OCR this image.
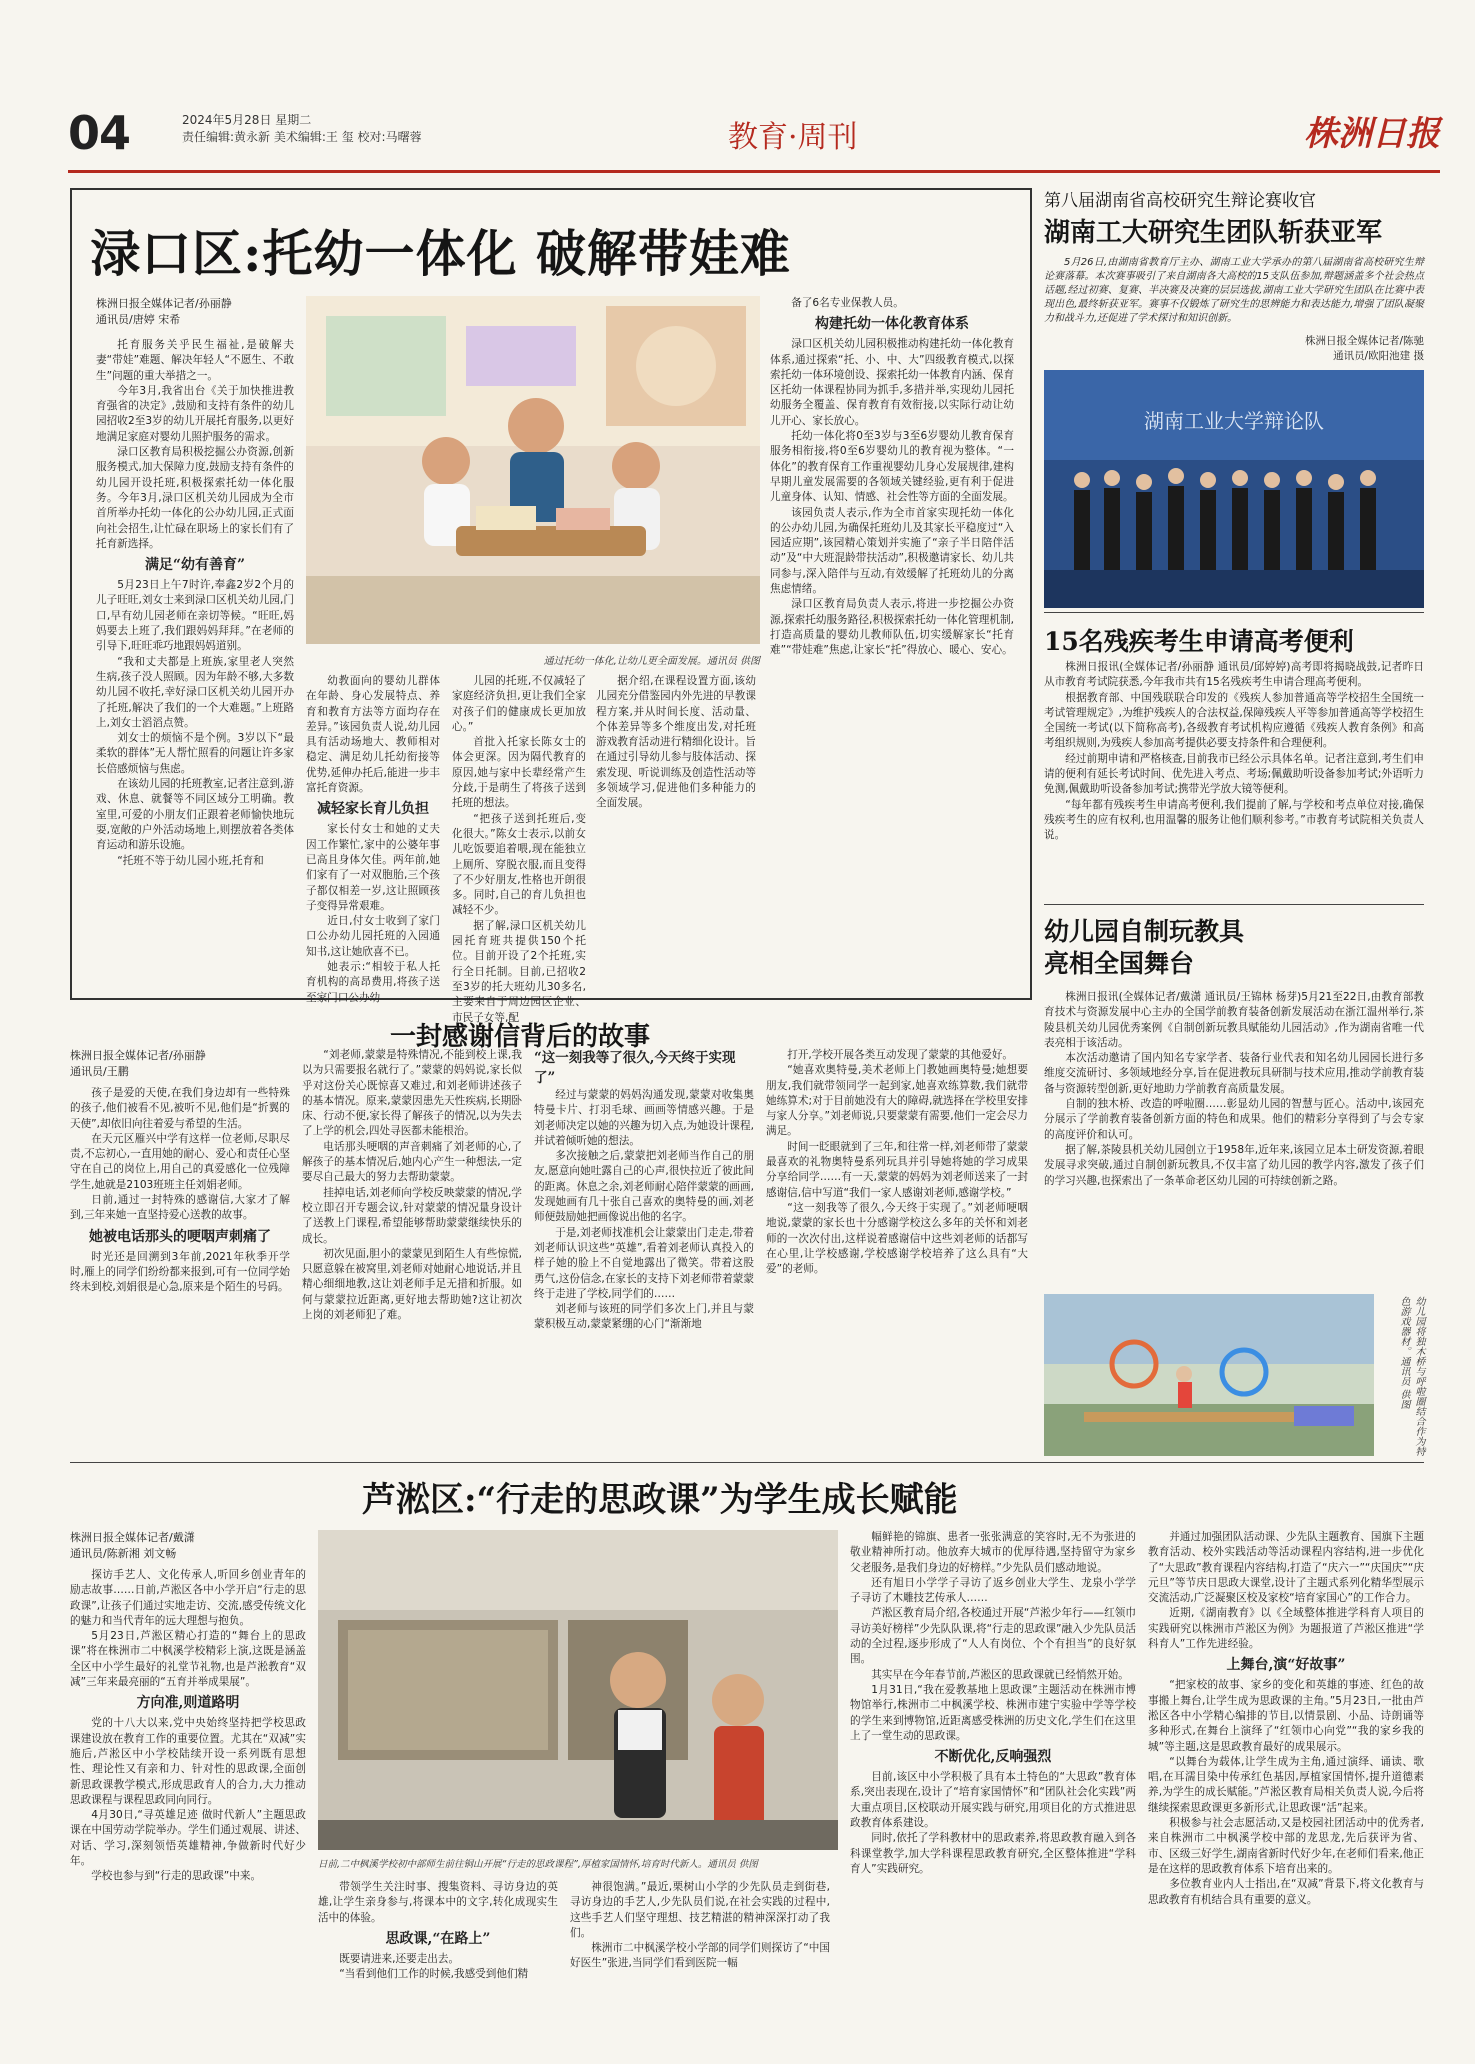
04	2024年5月28日 星期二
责任编辑:黄永新 美术编辑:王 玺 校对:马曙蓉	教育·周刊	株洲日报
渌口区:托幼一体化 破解带娃难
株洲日报全媒体记者/孙丽静
通讯员/唐婷 宋希

托育服务关乎民生福祉,是破解夫妻“带娃”难题、解决年轻人“不愿生、不敢生”问题的重大举措之一。

今年3月,我省出台《关于加快推进教育强省的决定》,鼓励和支持有条件的幼儿园招收2至3岁的幼儿开展托育服务,以更好地满足家庭对婴幼儿照护服务的需求。

渌口区教育局积极挖掘公办资源,创新服务模式,加大保障力度,鼓励支持有条件的幼儿园开设托班,积极探索托幼一体化服务。今年3月,渌口区机关幼儿园成为全市首所举办托幼一体化的公办幼儿园,正式面向社会招生,让忙碌在职场上的家长们有了托育新选择。

满足“幼有善育”

5月23日上午7时许,奉鑫2岁2个月的儿子旺旺,刘女士来到渌口区机关幼儿园,门口,早有幼儿园老师在亲切等候。“旺旺,妈妈要去上班了,我们跟妈妈拜拜。”在老师的引导下,旺旺乖巧地跟妈妈道别。

“我和丈夫都是上班族,家里老人突然生病,孩子没人照顾。因为年龄不够,大多数幼儿园不收托,幸好渌口区机关幼儿园开办了托班,解决了我们的一个大难题。”上班路上,刘女士滔滔点赞。

刘女士的烦恼不是个例。3岁以下“最柔软的群体”无人帮忙照看的问题让许多家长倍感烦恼与焦虑。

在该幼儿园的托班教室,记者注意到,游戏、休息、就餐等不同区域分工明确。教室里,可爱的小朋友们正跟着老师愉快地玩耍,宽敞的户外活动场地上,则摆放着各类体育运动和游乐设施。

“托班不等于幼儿园小班,托育和

通过托幼一体化,让幼儿更全面发展。通讯员 供图

幼教面向的婴幼儿群体在年龄、身心发展特点、养育和教育方法等方面均存在差异。”该园负责人说,幼儿园具有活动场地大、教师相对稳定、满足幼儿托幼衔接等优势,延伸办托后,能进一步丰富托育资源。

减轻家长育儿负担

家长付女士和她的丈夫因工作繁忙,家中的公婆年事已高且身体欠佳。两年前,她们家有了一对双胞胎,三个孩子都仅相差一岁,这让照顾孩子变得异常艰难。

近日,付女士收到了家门口公办幼儿园托班的入园通知书,这让她欣喜不已。

她表示:“相较于私人托育机构的高昂费用,将孩子送至家门口公办幼

儿园的托班,不仅减轻了家庭经济负担,更让我们全家对孩子们的健康成长更加放心。”

首批入托家长陈女士的体会更深。因为隔代教育的原因,她与家中长辈经常产生分歧,于是萌生了将孩子送到托班的想法。

“把孩子送到托班后,变化很大。”陈女士表示,以前女儿吃饭要追着喂,现在能独立上厕所、穿脱衣服,而且变得了不少好朋友,性格也开朗很多。同时,自己的育儿负担也减轻不少。

据了解,渌口区机关幼儿园托育班共提供150个托位。目前开设了2个托班,实行全日托制。目前,已招收2至3岁的托大班幼儿30多名,主要来自于周边园区企业、市民子女等,配

据介绍,在课程设置方面,该幼儿园充分借鉴园内外先进的早教课程方案,并从时间长度、活动量、个体差异等多个维度出发,对托班游戏教育活动进行精细化设计。旨在通过引导幼儿参与肢体活动、探索发现、听说训练及创造性活动等多领域学习,促进他们多种能力的全面发展。

备了6名专业保教人员。

构建托幼一体化教育体系

渌口区机关幼儿园积极推动构建托幼一体化教育体系,通过探索“托、小、中、大”四级教育模式,以探索托幼一体环境创设、探索托幼一体教育内涵、保育区托幼一体课程协同为抓手,多措并举,实现幼儿园托幼服务全覆盖、保育教育有效衔接,以实际行动让幼儿开心、家长放心。

托幼一体化将0至3岁与3至6岁婴幼儿教育保育服务相衔接,将0至6岁婴幼儿的教育视为整体。“一体化”的教育保育工作重视婴幼儿身心发展规律,建构早期儿童发展需要的各领域关键经验,更有利于促进儿童身体、认知、情感、社会性等方面的全面发展。

该园负责人表示,作为全市首家实现托幼一体化的公办幼儿园,为确保托班幼儿及其家长平稳度过“入园适应期”,该园精心策划并实施了“亲子半日陪伴活动”及“中大班混龄带扶活动”,积极邀请家长、幼儿共同参与,深入陪伴与互动,有效缓解了托班幼儿的分离焦虑情绪。

渌口区教育局负责人表示,将进一步挖掘公办资源,探索托幼服务路径,积极探索托幼一体化管理机制,打造高质量的婴幼儿教师队伍,切实缓解家长“托育难”“带娃难”焦虑,让家长“托”得放心、暖心、安心。

第八届湖南省高校研究生辩论赛收官
湖南工大研究生团队斩获亚军

5月26日,由湖南省教育厅主办、湖南工业大学承办的第八届湖南省高校研究生辩论赛落幕。本次赛事吸引了来自湖南各大高校的15支队伍参加,辩题涵盖多个社会热点话题,经过初赛、复赛、半决赛及决赛的层层选拔,湖南工业大学研究生团队在比赛中表现出色,最终斩获亚军。赛事不仅锻炼了研究生的思辨能力和表达能力,增强了团队凝聚力和战斗力,还促进了学术探讨和知识创新。

株洲日报全媒体记者/陈驰
通讯员/欧阳池建 摄
湖南工业大学辩论队
15名残疾考生申请高考便利

株洲日报讯(全媒体记者/孙丽静 通讯员/邱婷婷)高考即将揭晓战鼓,记者昨日从市教育考试院获悉,今年我市共有15名残疾考生申请合理高考便利。

根据教育部、中国残联联合印发的《残疾人参加普通高等学校招生全国统一考试管理规定》,为维护残疾人的合法权益,保障残疾人平等参加普通高等学校招生全国统一考试(以下简称高考),各级教育考试机构应遵循《残疾人教育条例》和高考组织规则,为残疾人参加高考提供必要支持条件和合理便利。

经过前期申请和严格核查,目前我市已经公示具体名单。记者注意到,考生们申请的便利有延长考试时间、优先进入考点、考场;佩戴助听设备参加考试;外语听力免测,佩戴助听设备参加考试;携带光学放大镜等便利。

“每年都有残疾考生申请高考便利,我们提前了解,与学校和考点单位对接,确保残疾考生的应有权利,也用温馨的服务让他们顺利参考。”市教育考试院相关负责人说。

幼儿园自制玩教具
亮相全国舞台

株洲日报讯(全媒体记者/戴潇 通讯员/王锦林 杨芽)5月21至22日,由教育部教育技术与资源发展中心主办的全国学前教育装备创新发展活动在浙江温州举行,茶陵县机关幼儿园优秀案例《自制创新玩教具赋能幼儿园活动》,作为湖南省唯一代表亮相于该活动。

本次活动邀请了国内知名专家学者、装备行业代表和知名幼儿园园长进行多维度交流研讨、多领域地经分享,旨在促进教玩具研制与技术应用,推动学前教育装备与资源转型创新,更好地助力学前教育高质量发展。

自制的独木桥、改造的呼啦圈……彰显幼儿园的智慧与匠心。活动中,该园充分展示了学前教育装备创新方面的特色和成果。他们的精彩分享得到了与会专家的高度评价和认可。

据了解,茶陵县机关幼儿园创立于1958年,近年来,该园立足本土研发资源,着眼发展寻求突破,通过自制创新玩教具,不仅丰富了幼儿园的教学内容,激发了孩子们的学习兴趣,也探索出了一条革命老区幼儿园的可持续创新之路。

幼儿园将独木桥与呼啦圈结合作为特色游戏器材。通讯员 供图
一封感谢信背后的故事
株洲日报全媒体记者/孙丽静
通讯员/王鹏

孩子是爱的天使,在我们身边却有一些特殊的孩子,他们被看不见,被听不见,他们是“折翼的天使”,却依旧向往着爱与希望的生活。

在天元区雁兴中学有这样一位老师,尽职尽责,不忘初心,一直用她的耐心、爱心和责任心坚守在自己的岗位上,用自己的真爱感化一位残障学生,她就是2103班班主任刘娟老师。

日前,通过一封特殊的感谢信,大家才了解到,三年来她一直坚持爱心送教的故事。

她被电话那头的哽咽声刺痛了

时光还是回溯到3年前,2021年秋季开学时,雁上的同学们纷纷都来报到,可有一位同学始终未到校,刘娟很是心急,原来是个陌生的号码。

“刘老师,蒙蒙是特殊情况,不能到校上课,我以为只需要报名就行了。”蒙蒙的妈妈说,家长似乎对这份关心既惊喜又难过,和刘老师讲述孩子的基本情况。原来,蒙蒙因患先天性疾病,长期卧床、行动不便,家长得了解孩子的情况,以为失去了上学的机会,四处寻医都未能根治。

电话那头哽咽的声音刺痛了刘老师的心,了解孩子的基本情况后,她内心产生一种想法,一定要尽自己最大的努力去帮助蒙蒙。

挂掉电话,刘老师向学校反映蒙蒙的情况,学校立即召开专题会议,针对蒙蒙的情况量身设计了送教上门课程,希望能够帮助蒙蒙继续快乐的成长。

初次见面,胆小的蒙蒙见到陌生人有些惊慌,只愿意躲在被窝里,刘老师对她耐心地说话,并且精心细细地教,这让刘老师手足无措和折服。如何与蒙蒙拉近距离,更好地去帮助她?这让初次上岗的刘老师犯了难。

“这一刻我等了很久,今天终于实现了”

经过与蒙蒙的妈妈沟通发现,蒙蒙对收集奥特曼卡片、打羽毛球、画画等情感兴趣。于是刘老师决定以她的兴趣为切入点,为她设计课程,并试着倾听她的想法。

多次接触之后,蒙蒙把刘老师当作自己的朋友,愿意向她吐露自己的心声,很快拉近了彼此间的距离。休息之余,刘老师耐心陪伴蒙蒙的画画,发现她画有几十张自己喜欢的奥特曼的画,刘老师便鼓励她把画像说出他的名字。

于是,刘老师找准机会让蒙蒙出门走走,带着刘老师认识这些“英雄”,看着刘老师认真投入的样子她的脸上不自觉地露出了微笑。带着这股勇气,这份信念,在家长的支持下刘老师带着蒙蒙终于走进了学校,同学们的……

刘老师与该班的同学们多次上门,并且与蒙蒙积极互动,蒙蒙紧绷的心门“渐渐地

打开,学校开展各类互动发现了蒙蒙的其他爱好。

“她喜欢奥特曼,美术老师上门教她画奥特曼;她想要朋友,我们就带领同学一起到家,她喜欢练算数,我们就带她练算术;对于目前她没有大的障碍,就选择在学校里安排与家人分享。”刘老师说,只要蒙蒙有需要,他们一定会尽力满足。

时间一眨眼就到了三年,和往常一样,刘老师带了蒙蒙最喜欢的礼物奥特曼系列玩具并引导她将她的学习成果分享给同学……有一天,蒙蒙的妈妈为刘老师送来了一封感谢信,信中写道“我们一家人感谢刘老师,感谢学校。”

“这一刻我等了很久,今天终于实现了。”刘老师哽咽地说,蒙蒙的家长也十分感谢学校这么多年的关怀和刘老师的一次次付出,这样说着感谢信中这些刘老师的话都写在心里,让学校感谢,学校感谢学校培养了这么具有“大爱”的老师。

芦淞区:“行走的思政课”为学生成长赋能
株洲日报全媒体记者/戴潇
通讯员/陈新湘 刘文畅

探访手艺人、文化传承人,听回乡创业青年的励志故事……日前,芦淞区各中小学开启“行走的思政课”,让孩子们通过实地走访、交流,感受传统文化的魅力和当代青年的远大理想与抱负。

5月23日,芦淞区精心打造的“舞台上的思政课”将在株洲市二中枫溪学校精彩上演,这既是涵盖全区中小学生最好的礼堂节礼物,也是芦淞教育“双减”三年来最亮丽的“五育并举成果展”。

方向准,则道路明

党的十八大以来,党中央始终坚持把学校思政课建设放在教育工作的重要位置。尤其在“双减”实施后,芦淞区中小学校陆续开设一系列既有思想性、理论性又有亲和力、针对性的思政课,全面创新思政课教学模式,形成思政育人的合力,大力推动思政课程与课程思政同向同行。

4月30日,“寻英雄足迹 做时代新人”主题思政课在中国劳动学院举办。学生们通过观展、讲述、对话、学习,深刻领悟英雄精神,争做新时代好少年。

学校也参与到“行走的思政课”中来。

日前,二中枫溪学校初中部师生前往铜山开展“行走的思政课程”,厚植家国情怀,培育时代新人。通讯员 供图

带领学生关注时事、搜集资料、寻访身边的英雄,让学生亲身参与,将课本中的文字,转化成现实生活中的体验。

思政课,“在路上”

既要请进来,还要走出去。

“当看到他们工作的时候,我感受到他们精

神很饱满。”最近,栗树山小学的少先队员走到街巷,寻访身边的手艺人,少先队员们说,在社会实践的过程中,这些手艺人们坚守理想、技艺精湛的精神深深打动了我们。

株洲市二中枫溪学校小学部的同学们则探访了“中国好医生”张进,当同学们看到医院一幅

幅鲜艳的锦旗、患者一张张满意的笑容时,无不为张进的敬业精神所打动。他放弃大城市的优厚待遇,坚持留守为家乡父老服务,是我们身边的好榜样。”少先队员们感动地说。

还有旭日小学学子寻访了返乡创业大学生、龙泉小学学子寻访了木雕技艺传承人……

芦淞区教育局介绍,各校通过开展“芦淞少年行——红领巾寻访美好榜样”少先队队课,将“行走的思政课”融入少先队员活动的全过程,逐步形成了“人人有岗位、个个有担当”的良好氛围。

其实早在今年春节前,芦淞区的思政课就已经悄然开始。

1月31日,“我在爱教基地上思政课”主题活动在株洲市博物馆举行,株洲市二中枫溪学校、株洲市建宁实验中学等学校的学生来到博物馆,近距离感受株洲的历史文化,学生们在这里上了一堂生动的思政课。

不断优化,反响强烈

目前,该区中小学积极了具有本土特色的“大思政”教育体系,突出表现在,设计了“培育家国情怀”和“团队社会化实践”两大重点项目,区校联动开展实践与研究,用项目化的方式推进思政教育体系建设。

同时,依托了学科教材中的思政素养,将思政教育融入到各科课堂教学,加大学科课程思政教育研究,全区整体推进“学科育人”实践研究。

并通过加强团队活动课、少先队主题教育、国旗下主题教育活动、校外实践活动等活动课程内容结构,进一步优化了“大思政”教育课程内容结构,打造了“庆六一”“庆国庆”“庆元旦”等节庆日思政大课堂,设计了主题式系列化精华型展示交流活动,广泛凝聚区校及家校“培育家国心”的工作合力。

近期,《湖南教育》以《全域整体推进学科育人项目的实践研究以株洲市芦淞区为例》为题报道了芦淞区推进“学科育人”工作先进经验。

上舞台,演“好故事”

“把家校的故事、家乡的变化和英雄的事迹、红色的故事搬上舞台,让学生成为思政课的主角。”5月23日,一批由芦淞区各中小学精心编排的节目,以情景剧、小品、诗朗诵等多种形式,在舞台上演绎了“红领巾心向党”“我的家乡我的城”等主题,这是思政教育最好的成果展示。

“以舞台为载体,让学生成为主角,通过演绎、诵读、歌唱,在耳濡目染中传承红色基因,厚植家国情怀,提升道德素养,为学生的成长赋能。”芦淞区教育局相关负责人说,今后将继续探索思政课更多新形式,让思政课“活”起来。

积极参与社会志愿活动,又是校园社团活动中的优秀者,来自株洲市二中枫溪学校中部的龙思龙,先后获评为省、市、区级三好学生,湖南省新时代好少年,在老师们看来,他正是在这样的思政教育体系下培育出来的。

多位教育业内人士指出,在“双减”背景下,将文化教育与思政教育有机结合具有重要的意义。
